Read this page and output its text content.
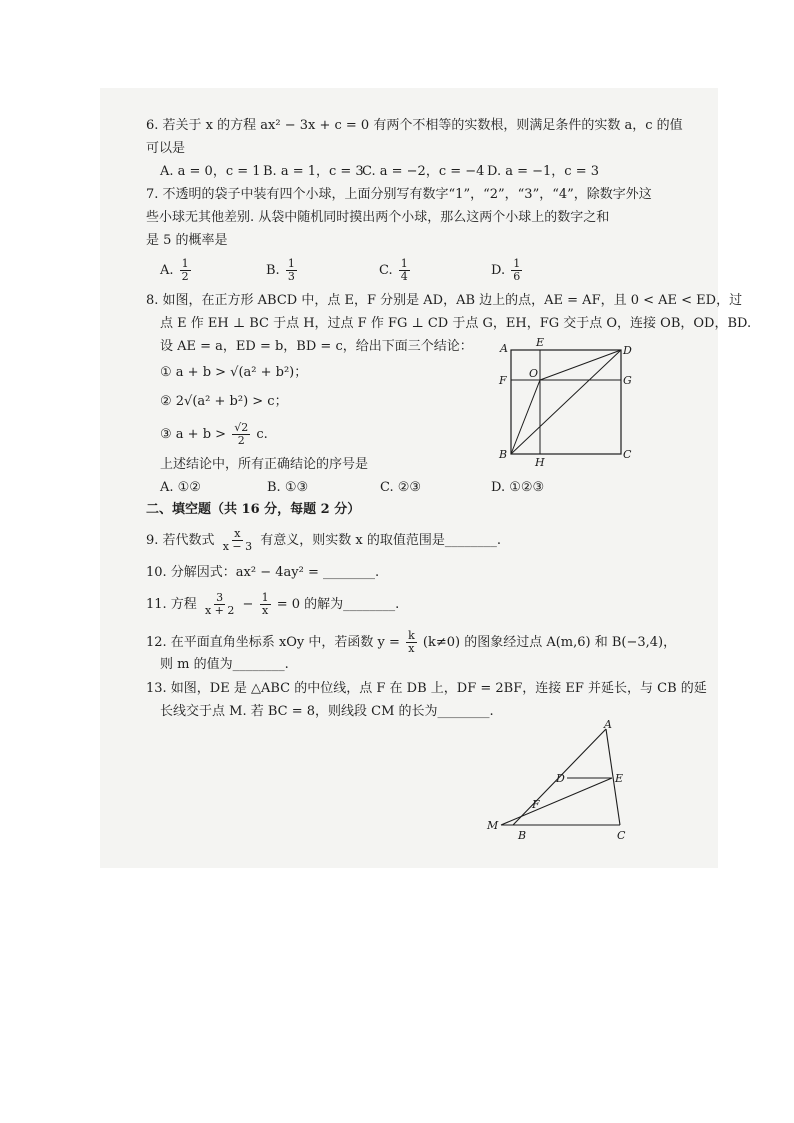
6. 若关于 x 的方程 ax² − 3x + c = 0 有两个不相等的实数根，则满足条件的实数 a，c 的值
可以是
A. a = 0，c = 1 B. a = 1，c = 3
C. a = −2，c = −4 D. a = −1，c = 3
7. 不透明的袋子中装有四个小球，上面分别写有数字“1”，“2”，“3”，“4”，除数字外这
些小球无其他差别. 从袋中随机同时摸出两个小球，那么这两个小球上的数字之和
是 5 的概率是
A. $\frac{1}{2}$	B. $\frac{1}{3}$	C. $\frac{1}{4}$	D. $\frac{1}{6}$
8. 如图，在正方形 ABCD 中，点 E，F 分别是 AD，AB 边上的点，AE = AF，且 0 < AE < ED，过
点 E 作 EH ⊥ BC 于点 H，过点 F 作 FG ⊥ CD 于点 G，EH，FG 交于点 O，连接 OB，OD，BD.
设 AE = a，ED = b，BD = c，给出下面三个结论：
① a + b > √(a² + b²)；
② 2√(a² + b²) > c；
③ $a + b > \frac{√2}{2} c$.
上述结论中，所有正确结论的序号是
A. ①②	B. ①③	C. ②③	D. ①②③
A	E
D
F
O
G
B
H
C
二、填空题（共 16 分，每题 2 分）
9. 若代数式 $\frac{x}{x - 3}$ 有意义，则实数 x 的取值范围是________.
10. 分解因式：ax² − 4ay² = ________.
11. 方程 $\frac{3}{x + 2} - \frac{1}{x} = 0$ 的解为________.
12. 在平面直角坐标系 xOy 中，若函数 $y = \frac{k}{x} (k\ne 0)$ 的图象经过点 A(m,6) 和 B(−3,4)，
则 m 的值为________.
13. 如图，DE 是 △ABC 的中位线，点 F 在 DB 上，DF = 2BF，连接 EF 并延长，与 CB 的延
长线交于点 M. 若 BC = 8，则线段 CM 的长为________.
A
D	E
F
M
B	C
